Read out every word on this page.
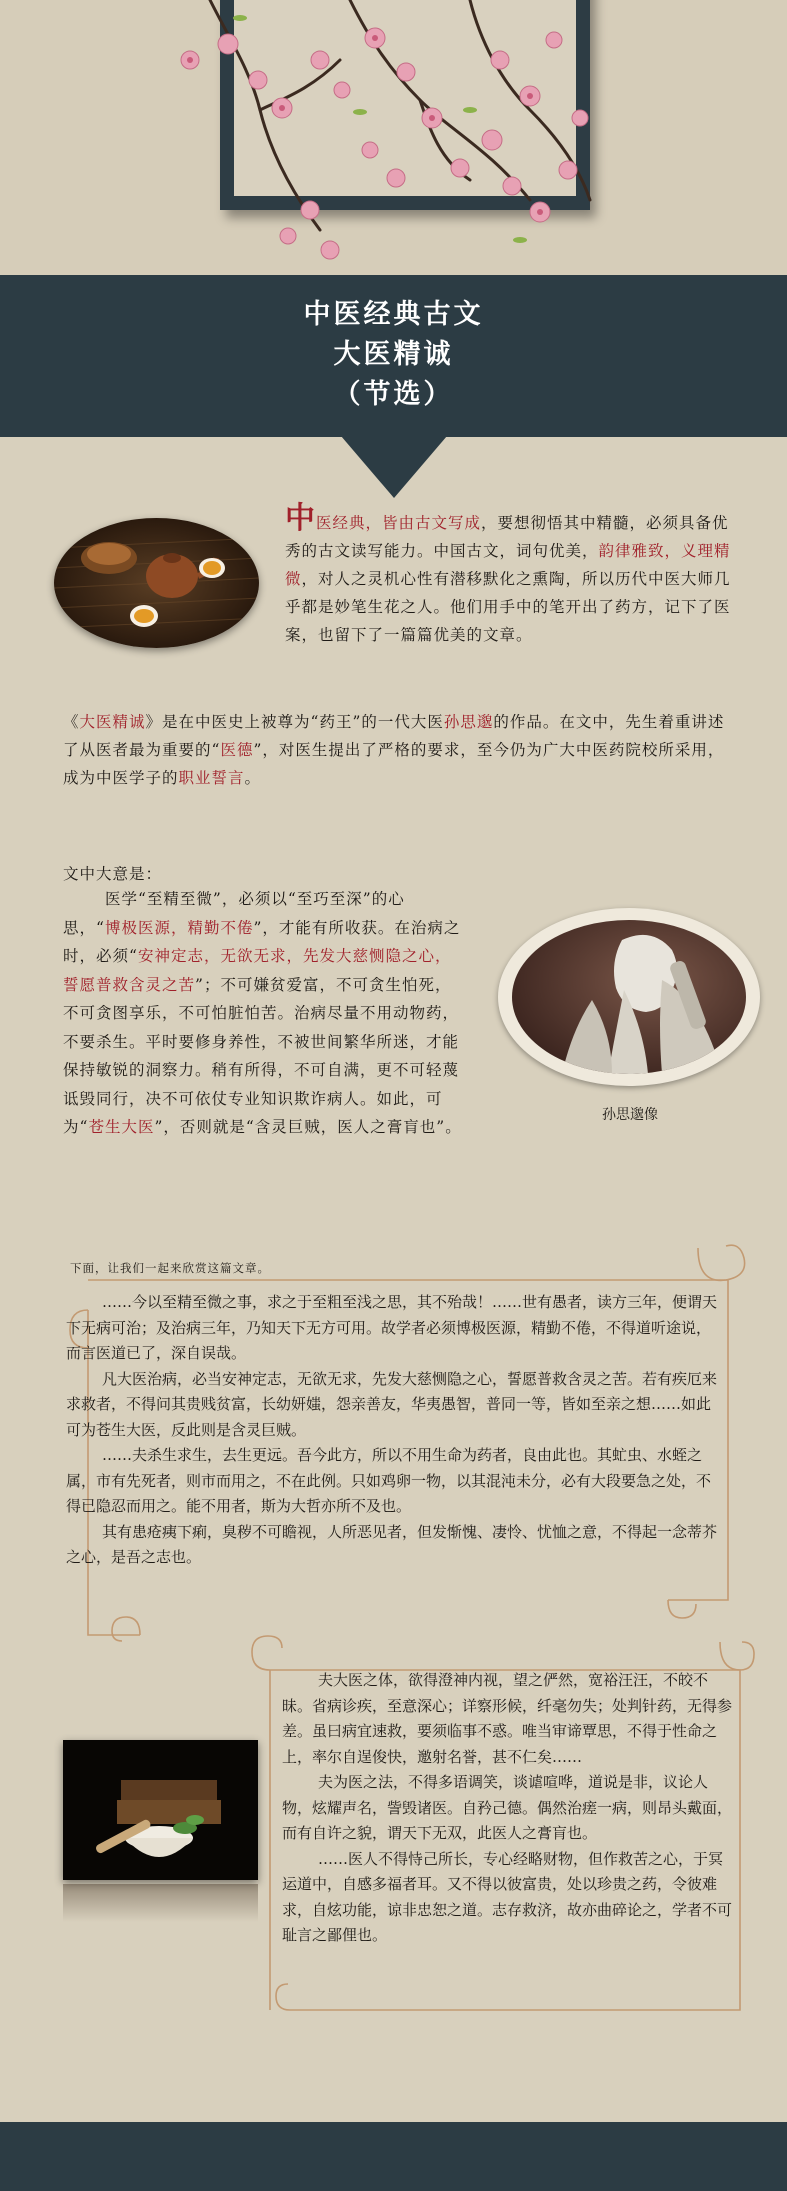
中医经典古文
大医精诚
（节选）
中医经典，皆由古文写成，要想彻悟其中精髓，必须具备优秀的古文读写能力。中国古文，词句优美，韵律雅致，义理精微，对人之灵机心性有潜移默化之熏陶，所以历代中医大师几乎都是妙笔生花之人。他们用手中的笔开出了药方，记下了医案，也留下了一篇篇优美的文章。
《大医精诚》是在中医史上被尊为“药王”的一代大医孙思邈的作品。在文中，先生着重讲述了从医者最为重要的“医德”，对医生提出了严格的要求，至今仍为广大中医药院校所采用，成为中医学子的职业誓言。
文中大意是：
医学“至精至微”，必须以“至巧至深”的心思，“博极医源，精勤不倦”，才能有所收获。在治病之时，必须“安神定志，无欲无求，先发大慈恻隐之心，誓愿普救含灵之苦”；不可嫌贫爱富，不可贪生怕死，不可贪图享乐，不可怕脏怕苦。治病尽量不用动物药，不要杀生。平时要修身养性，不被世间繁华所迷，才能保持敏锐的洞察力。稍有所得，不可自满，更不可轻蔑诋毁同行，决不可依仗专业知识欺诈病人。如此，可为“苍生大医”，否则就是“含灵巨贼，医人之膏肓也”。
孙思邈像
下面，让我们一起来欣赏这篇文章。

……今以至精至微之事，求之于至粗至浅之思，其不殆哉！……世有愚者，读方三年，便谓天下无病可治；及治病三年，乃知天下无方可用。故学者必须博极医源，精勤不倦，不得道听途说，而言医道已了，深自误哉。

凡大医治病，必当安神定志，无欲无求，先发大慈恻隐之心，誓愿普救含灵之苦。若有疾厄来求救者，不得问其贵贱贫富，长幼妍媸，怨亲善友，华夷愚智，普同一等，皆如至亲之想……如此可为苍生大医，反此则是含灵巨贼。

……夫杀生求生，去生更远。吾今此方，所以不用生命为药者，良由此也。其虻虫、水蛭之属，市有先死者，则市而用之，不在此例。只如鸡卵一物，以其混沌未分，必有大段要急之处，不得已隐忍而用之。能不用者，斯为大哲亦所不及也。

其有患疮痍下痢，臭秽不可瞻视，人所恶见者，但发惭愧、凄怜、忧恤之意，不得起一念蒂芥之心，是吾之志也。

夫大医之体，欲得澄神内视，望之俨然，宽裕汪汪，不皎不昧。省病诊疾，至意深心；详察形候，纤毫勿失；处判针药，无得参差。虽曰病宜速救，要须临事不惑。唯当审谛覃思，不得于性命之上，率尔自逞俊快，邀射名誉，甚不仁矣……

夫为医之法，不得多语调笑，谈谑喧哗，道说是非，议论人物，炫耀声名，訾毁诸医。自矜己德。偶然治瘥一病，则昂头戴面，而有自许之貌，谓天下无双，此医人之膏肓也。

……医人不得恃己所长，专心经略财物，但作救苦之心，于冥运道中，自感多福者耳。又不得以彼富贵，处以珍贵之药，令彼难求，自炫功能，谅非忠恕之道。志存救济，故亦曲碎论之，学者不可耻言之鄙俚也。
